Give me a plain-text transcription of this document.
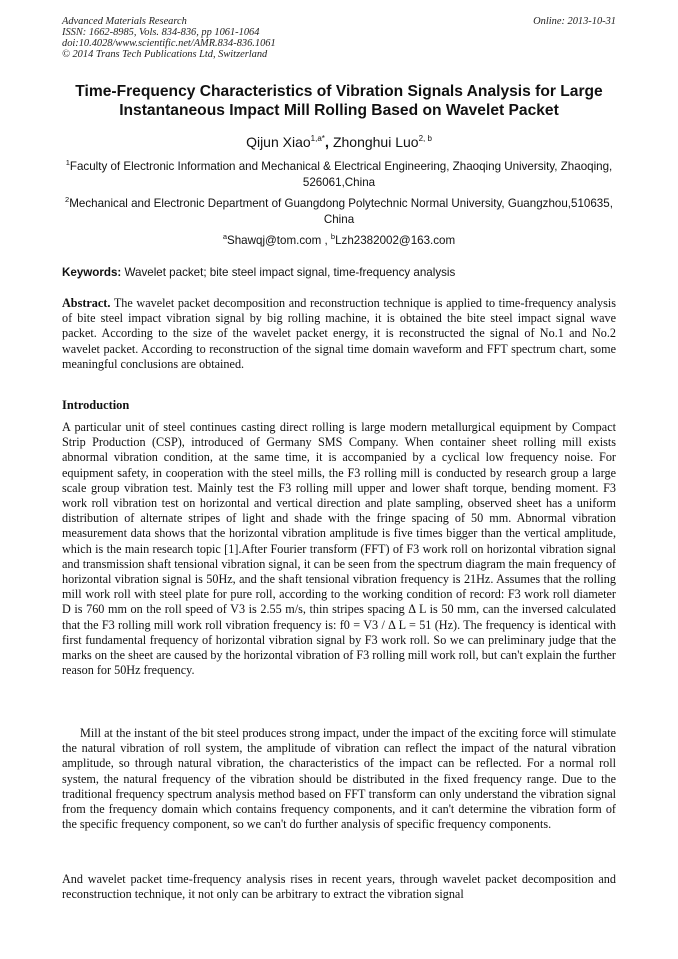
Advanced Materials Research
ISSN: 1662-8985, Vols. 834-836, pp 1061-1064
doi:10.4028/www.scientific.net/AMR.834-836.1061
© 2014 Trans Tech Publications Ltd, Switzerland
Online: 2013-10-31
Time-Frequency Characteristics of Vibration Signals Analysis for Large Instantaneous Impact Mill Rolling Based on Wavelet Packet
Qijun Xiao$^{1,a*}$, Zhonghui Luo$^{2, b}$
$^1$Faculty of Electronic Information and Mechanical & Electrical Engineering, Zhaoqing University, Zhaoqing, 526061,China
$^2$Mechanical and Electronic Department of Guangdong Polytechnic Normal University, Guangzhou,510635, China
$^a$Shawqj@tom.com , $^b$Lzh2382002@163.com
Keywords: Wavelet packet; bite steel impact signal, time-frequency analysis
Abstract. The wavelet packet decomposition and reconstruction technique is applied to time-frequency analysis of bite steel impact vibration signal by big rolling machine, it is obtained the bite steel impact signal wave packet. According to the size of the wavelet packet energy, it is reconstructed the signal of No.1 and No.2 wavelet packet. According to reconstruction of the signal time domain waveform and FFT spectrum chart, some meaningful conclusions are obtained.
Introduction
A particular unit of steel continues casting direct rolling is large modern metallurgical equipment by Compact Strip Production (CSP), introduced of Germany SMS Company. When container sheet rolling mill exists abnormal vibration condition, at the same time, it is accompanied by a cyclical low frequency noise. For equipment safety, in cooperation with the steel mills, the F3 rolling mill is conducted by research group a large scale group vibration test. Mainly test the F3 rolling mill upper and lower shaft torque, bending moment. F3 work roll vibration test on horizontal and vertical direction and plate sampling, observed sheet has a uniform distribution of alternate stripes of light and shade with the fringe spacing of 50 mm. Abnormal vibration measurement data shows that the horizontal vibration amplitude is five times bigger than the vertical amplitude, which is the main research topic [1].After Fourier transform (FFT) of F3 work roll on horizontal vibration signal and transmission shaft tensional vibration signal, it can be seen from the spectrum diagram the main frequency of horizontal vibration signal is 50Hz, and the shaft tensional vibration frequency is 21Hz. Assumes that the rolling mill work roll with steel plate for pure roll, according to the working condition of record: F3 work roll diameter D is 760 mm on the roll speed of V3 is 2.55 m/s, thin stripes spacing Δ L is 50 mm, can the inversed calculated that the F3 rolling mill work roll vibration frequency is: f0 = V3 / Δ L = 51 (Hz). The frequency is identical with first fundamental frequency of horizontal vibration signal by F3 work roll. So we can preliminary judge that the marks on the sheet are caused by the horizontal vibration of F3 rolling mill work roll, but can't explain the further reason for 50Hz frequency.
Mill at the instant of the bit steel produces strong impact, under the impact of the exciting force will stimulate the natural vibration of roll system, the amplitude of vibration can reflect the impact of the natural vibration amplitude, so through natural vibration, the characteristics of the impact can be reflected. For a normal roll system, the natural frequency of the vibration should be distributed in the fixed frequency range. Due to the traditional frequency spectrum analysis method based on FFT transform can only understand the vibration signal from the frequency domain which contains frequency components, and it can't determine the vibration form of the specific frequency component, so we can't do further analysis of specific frequency components.
And wavelet packet time-frequency analysis rises in recent years, through wavelet packet decomposition and reconstruction technique, it not only can be arbitrary to extract the vibration signal
